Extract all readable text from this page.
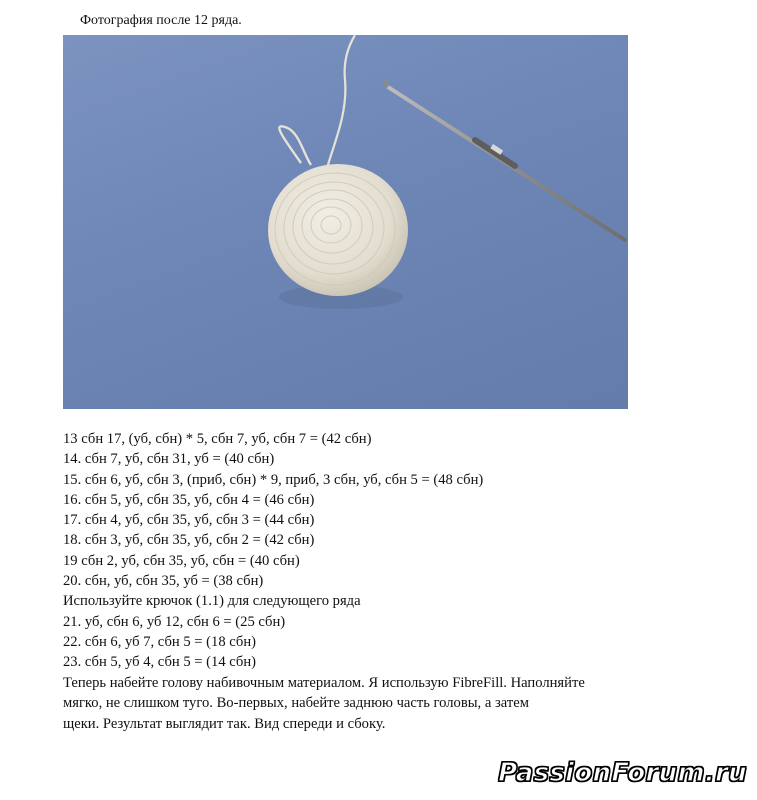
Фотография после 12 ряда.
13 сбн 17, (уб, сбн) * 5, сбн 7, уб, сбн 7 = (42 сбн)
14. сбн 7, уб, сбн 31, уб = (40 сбн)
15. сбн 6, уб, сбн 3, (приб, сбн) * 9, приб, 3 сбн, уб, сбн 5 = (48 сбн)
16. сбн 5, уб, сбн 35, уб, сбн 4 = (46 сбн)
17. сбн 4, уб, сбн 35, уб, сбн 3 = (44 сбн)
18. сбн 3, уб, сбн 35, уб, сбн 2 = (42 сбн)
19 сбн 2, уб, сбн 35, уб, сбн = (40 сбн)
20. сбн, уб, сбн 35, уб = (38 сбн)
Используйте крючок (1.1) для следующего ряда
21. уб, сбн 6, уб 12, сбн 6 = (25 сбн)
22. сбн 6, уб 7, сбн 5 = (18 сбн)
23. сбн 5, уб 4, сбн 5 = (14 сбн)
Теперь набейте голову набивочным материалом. Я использую FibreFill. Наполняйте
мягко, не слишком туго. Во-первых, набейте заднюю часть головы, а затем
щеки. Результат выглядит так. Вид спереди и сбоку.
PassionForum.ru
